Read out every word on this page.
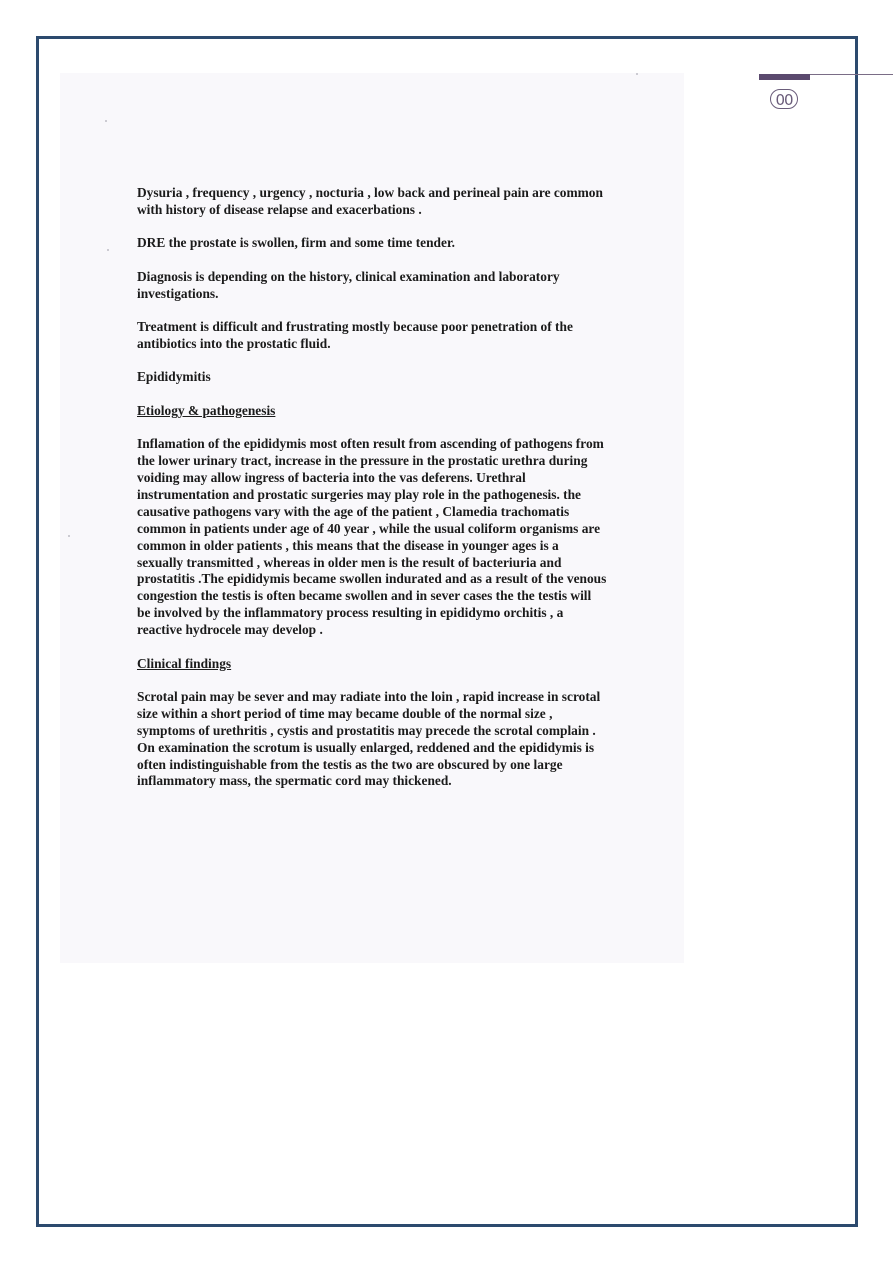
00

Dysuria , frequency , urgency , nocturia , low back and perineal pain are common with history of disease relapse and exacerbations .

DRE the prostate is swollen, firm and some time tender.

Diagnosis is depending on the history, clinical examination and laboratory investigations.

Treatment is difficult and frustrating mostly because poor penetration of the antibiotics into the prostatic fluid.

Epididymitis

Etiology & pathogenesis

Inflamation of the epididymis most often result from ascending of pathogens from the lower urinary tract, increase in the pressure in the prostatic urethra during voiding may allow ingress of bacteria into the vas deferens. Urethral instrumentation and prostatic surgeries may play role in the pathogenesis. the causative pathogens vary with the age of the patient , Clamedia trachomatis common in patients under age of 40 year , while the usual coliform organisms are common in older patients , this means that the disease in younger ages is a sexually transmitted , whereas in older men is the result of bacteriuria and prostatitis .The epididymis became swollen indurated and as a result of the venous congestion the testis is often became swollen and in sever cases the the testis will be involved by the inflammatory process resulting in epididymo orchitis , a reactive hydrocele may develop .

Clinical findings

Scrotal pain may be sever and may radiate into the loin , rapid increase in scrotal size within a short period of time may became double of the normal size , symptoms of urethritis , cystis and prostatitis may precede the scrotal complain .

On examination the scrotum is usually enlarged, reddened and the epididymis is often indistinguishable from the testis as the two are obscured by one large inflammatory mass, the spermatic cord may thickened.
